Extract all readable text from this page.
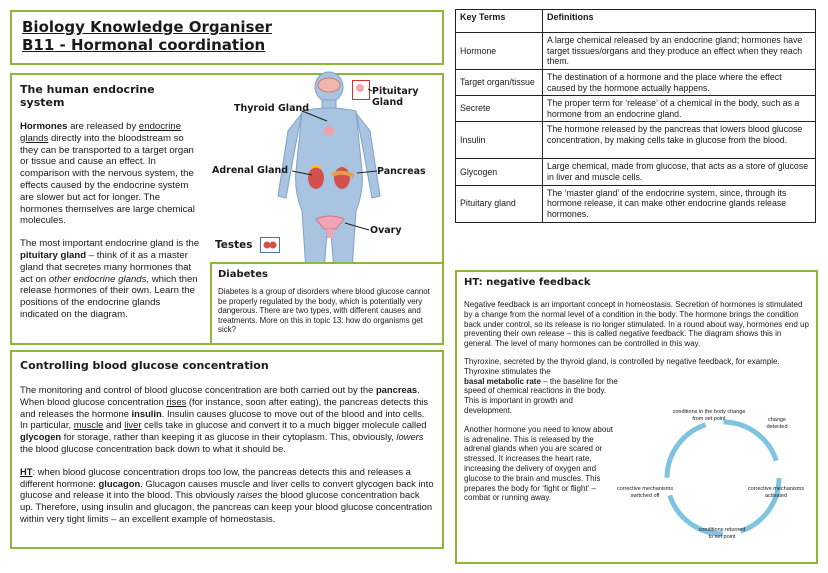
Biology Knowledge Organiser
B11 - Hormonal coordination
The human endocrine system

Hormones are released by endocrine glands directly into the bloodstream so they can be transported to a target organ or tissue and cause an effect. In comparison with the nervous system, the effects caused by the endocrine system are slower but act for longer. The hormones themselves are large chemical molecules.

The most important endocrine gland is the pituitary gland – think of it as a master gland that secretes many hormones that act on other endocrine glands, which then release hormones of their own. Learn the positions of the endocrine glands indicated on the diagram.

Pituitary Gland
Thyroid Gland
Adrenal Gland	Pancreas
Ovary
Testes
Diabetes

Diabetes is a group of disorders where blood glucose cannot be properly regulated by the body, which is potentially very dangerous. There are two types, with different causes and treatments. More on this in topic 13: how do organisms get sick?

Controlling blood glucose concentration

The monitoring and control of blood glucose concentration are both carried out by the pancreas. When blood glucose concentration rises (for instance, soon after eating), the pancreas detects this and releases the hormone insulin. Insulin causes glucose to move out of the blood and into cells. In particular, muscle and liver cells take in glucose and convert it to a much bigger molecule called glycogen for storage, rather than keeping it as glucose in their cytoplasm. This, obviously, lowers the blood glucose concentration back down to what it should be.

HT: when blood glucose concentration drops too low, the pancreas detects this and releases a different hormone: glucagon. Glucagon causes muscle and liver cells to convert glycogen back into glucose and release it into the blood. This obviously raises the blood glucose concentration back up. Therefore, using insulin and glucagon, the pancreas can keep your blood glucose concentration within very tight limits – an excellent example of homeostasis.

Key Terms	Definitions
Hormone	A large chemical released by an endocrine gland; hormones have target tissues/organs and they produce an effect when they reach them.
Target organ/tissue	The destination of a hormone and the place where the effect caused by the hormone actually happens.
Secrete	The proper term for ‘release’ of a chemical in the body, such as a hormone from an endocrine gland.
Insulin	The hormone released by the pancreas that lowers blood glucose concentration, by making cells take in glucose from the blood.
Glycogen	Large chemical, made from glucose, that acts as a store of glucose in liver and muscle cells.
Pituitary gland	The ‘master gland’ of the endocrine system, since, through its hormone release, it can make other endocrine glands release hormones.
HT: negative feedback

Negative feedback is an important concept in homeostasis. Secretion of hormones is stimulated by a change from the normal level of a condition in the body. The hormone brings the condition back under control, so its release is no longer stimulated. In a round about way, hormones end up preventing their own release – this is called negative feedback. The diagram shows this in general. The level of many hormones can be controlled in this way.

Thyroxine, secreted by the thyroid gland, is controlled by negative feedback, for example. Thyroxine stimulates the

basal metabolic rate – the baseline for the speed of chemical reactions in the body. This is important in growth and development.

Another hormone you need to know about is adrenaline. This is released by the adrenal glands when you are scared or stressed. It increases the heart rate, increasing the delivery of oxygen and glucose to the brain and muscles. This prepares the body for ‘fight or flight’ – combat or running away.

conditions in the body change from set point	change detected
corrective mechanisms activated
conditions returned to set point
corrective mechanisms switched off
